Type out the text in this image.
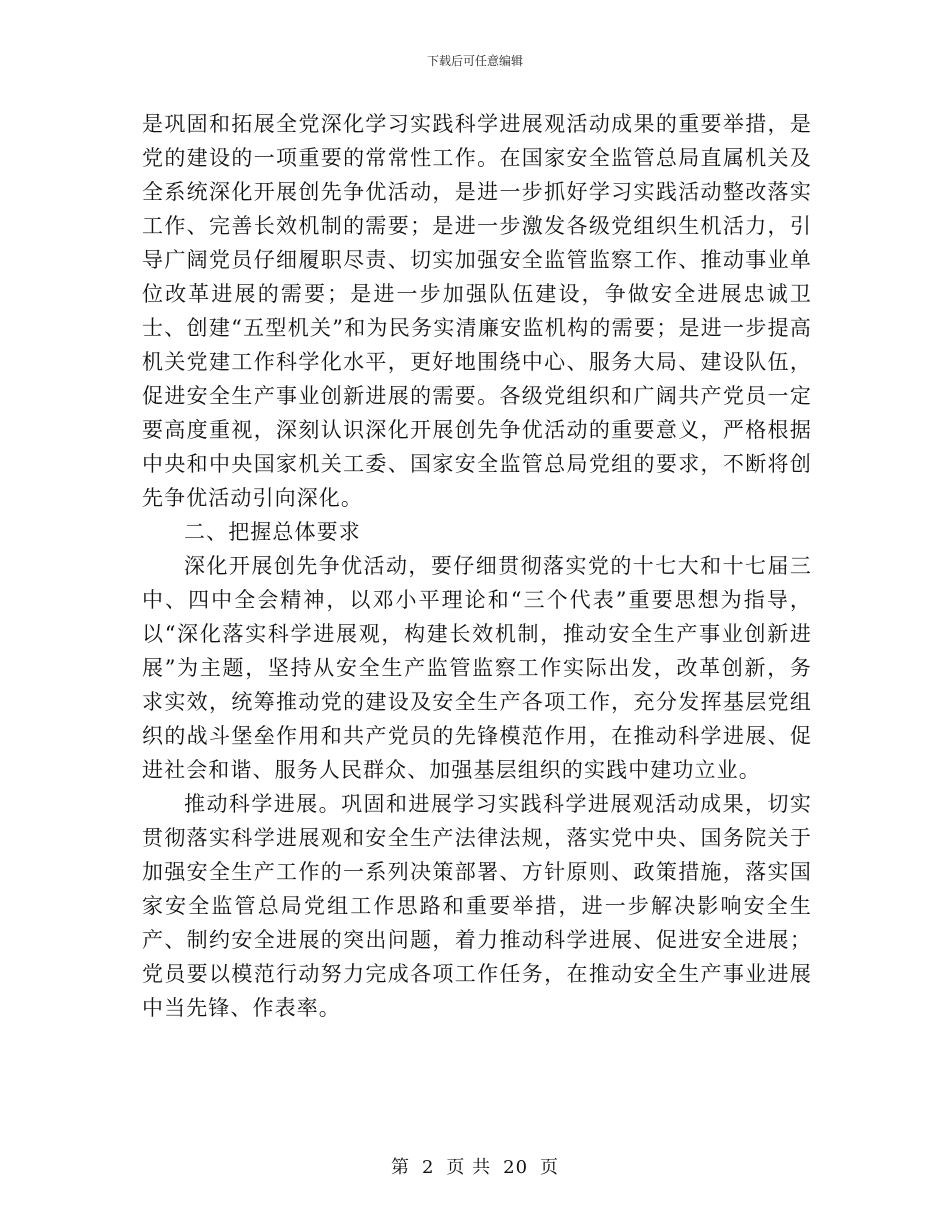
下载后可任意编辑

是巩固和拓展全党深化学习实践科学进展观活动成果的重要举措，是党的建设的一项重要的常常性工作。在国家安全监管总局直属机关及全系统深化开展创先争优活动，是进一步抓好学习实践活动整改落实工作、完善长效机制的需要；是进一步激发各级党组织生机活力，引导广阔党员仔细履职尽责、切实加强安全监管监察工作、推动事业单位改革进展的需要；是进一步加强队伍建设，争做安全进展忠诚卫士、创建“五型机关”和为民务实清廉安监机构的需要；是进一步提高机关党建工作科学化水平，更好地围绕中心、服务大局、建设队伍，促进安全生产事业创新进展的需要。各级党组织和广阔共产党员一定要高度重视，深刻认识深化开展创先争优活动的重要意义，严格根据中央和中央国家机关工委、国家安全监管总局党组的要求，不断将创先争优活动引向深化。

二、把握总体要求

深化开展创先争优活动，要仔细贯彻落实党的十七大和十七届三中、四中全会精神，以邓小平理论和“三个代表”重要思想为指导，以“深化落实科学进展观，构建长效机制，推动安全生产事业创新进展”为主题，坚持从安全生产监管监察工作实际出发，改革创新，务求实效，统筹推动党的建设及安全生产各项工作，充分发挥基层党组织的战斗堡垒作用和共产党员的先锋模范作用，在推动科学进展、促进社会和谐、服务人民群众、加强基层组织的实践中建功立业。

推动科学进展。巩固和进展学习实践科学进展观活动成果，切实贯彻落实科学进展观和安全生产法律法规，落实党中央、国务院关于加强安全生产工作的一系列决策部署、方针原则、政策措施，落实国家安全监管总局党组工作思路和重要举措，进一步解决影响安全生产、制约安全进展的突出问题，着力推动科学进展、促进安全进展；党员要以模范行动努力完成各项工作任务，在推动安全生产事业进展中当先锋、作表率。

第 2 页 共 20 页
